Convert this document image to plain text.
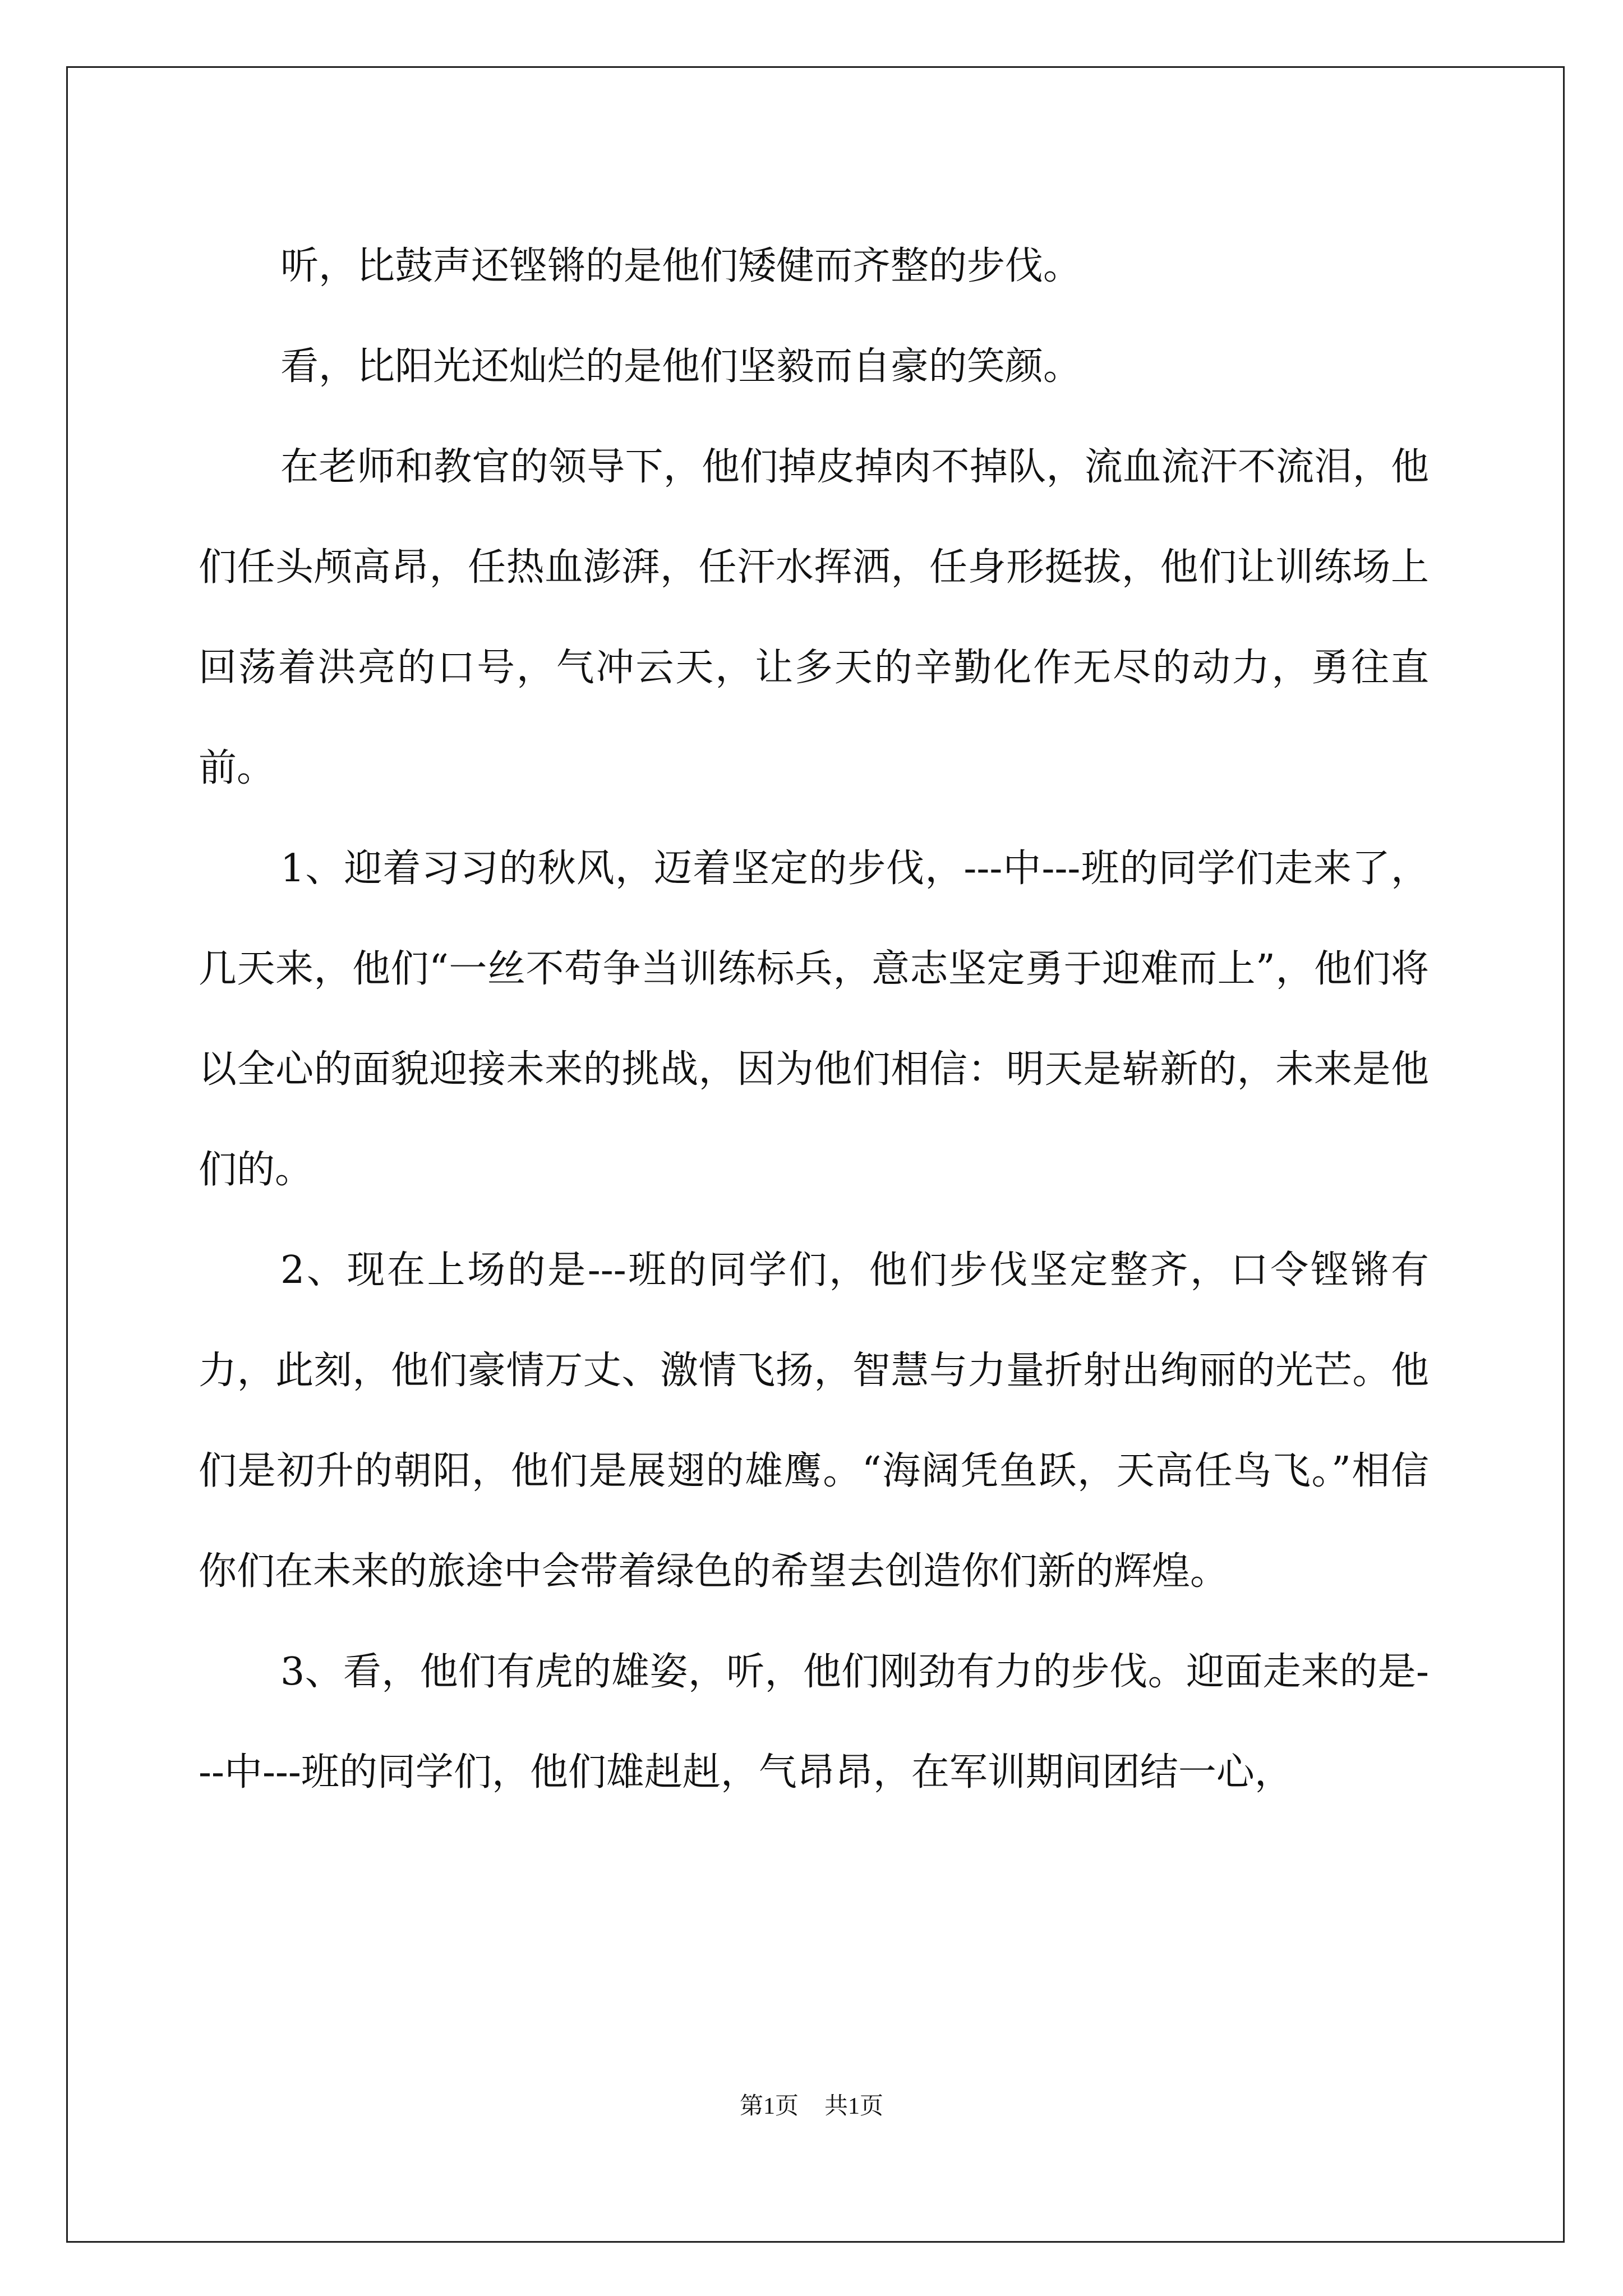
听，比鼓声还铿锵的是他们矮健而齐整的步伐。

看，比阳光还灿烂的是他们坚毅而自豪的笑颜。

在老师和教官的领导下，他们掉皮掉肉不掉队，流血流汗不流泪，他们任头颅高昂，任热血澎湃，任汗水挥洒，任身形挺拔，他们让训练场上回荡着洪亮的口号，气冲云天，让多天的辛勤化作无尽的动力，勇往直前。

1、迎着习习的秋风，迈着坚定的步伐，---中---班的同学们走来了，几天来，他们“一丝不苟争当训练标兵，意志坚定勇于迎难而上”，他们将以全心的面貌迎接未来的挑战，因为他们相信：明天是崭新的，未来是他们的。

2、现在上场的是---班的同学们，他们步伐坚定整齐，口令铿锵有力，此刻，他们豪情万丈、激情飞扬，智慧与力量折射出绚丽的光芒。他们是初升的朝阳，他们是展翅的雄鹰。“海阔凭鱼跃，天高任鸟飞。”相信你们在未来的旅途中会带着绿色的希望去创造你们新的辉煌。

3、看，他们有虎的雄姿，听，他们刚劲有力的步伐。迎面走来的是---中---班的同学们，他们雄赳赳，气昂昂，在军训期间团结一心，

第1页 共1页
